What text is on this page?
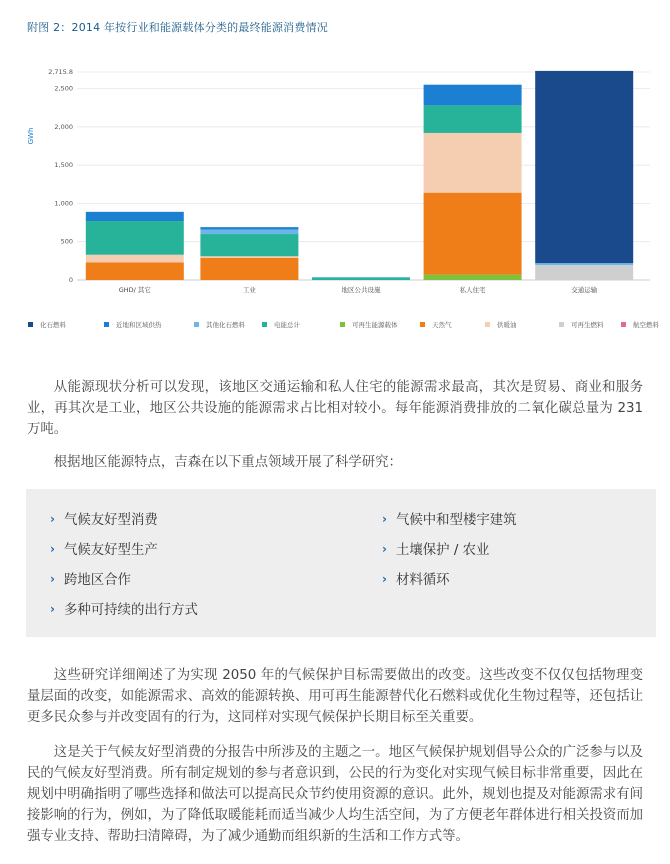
附图 2：2014 年按行业和能源载体分类的最终能源消费情况
0
500
1,000
1,500
2,000
2,500
2,715.8
GWh
GHD/ 其它	工业	地区公共设施	私人住宅	交通运输
化石燃料	近地和区域供热	其他化石燃料	电能总计	可再生能源载体	天然气	供暖油	可再生燃料	航空燃料
从能源现状分析可以发现，该地区交通运输和私人住宅的能源需求最高，其次是贸易、商业和服务业，再其次是工业，地区公共设施的能源需求占比相对较小。每年能源消费排放的二氧化碳总量为 231 万吨。
根据地区能源特点，吉森在以下重点领域开展了科学研究：
› 气候友好型消费
› 气候友好型生产
› 跨地区合作
› 多种可持续的出行方式
› 气候中和型楼宇建筑
› 土壤保护 / 农业
› 材料循环
这些研究详细阐述了为实现 2050 年的气候保护目标需要做出的改变。这些改变不仅仅包括物理变量层面的改变，如能源需求、高效的能源转换、用可再生能源替代化石燃料或优化生物过程等，还包括让更多民众参与并改变固有的行为，这同样对实现气候保护长期目标至关重要。
这是关于气候友好型消费的分报告中所涉及的主题之一。地区气候保护规划倡导公众的广泛参与以及民的气候友好型消费。所有制定规划的参与者意识到，公民的行为变化对实现气候目标非常重要，因此在规划中明确指明了哪些选择和做法可以提高民众节约使用资源的意识。此外，规划也提及对能源需求有间接影响的行为，例如，为了降低取暖能耗而适当减少人均生活空间，为了方便老年群体进行相关投资而加强专业支持、帮助扫清障碍，为了减少通勤而组织新的生活和工作方式等。
